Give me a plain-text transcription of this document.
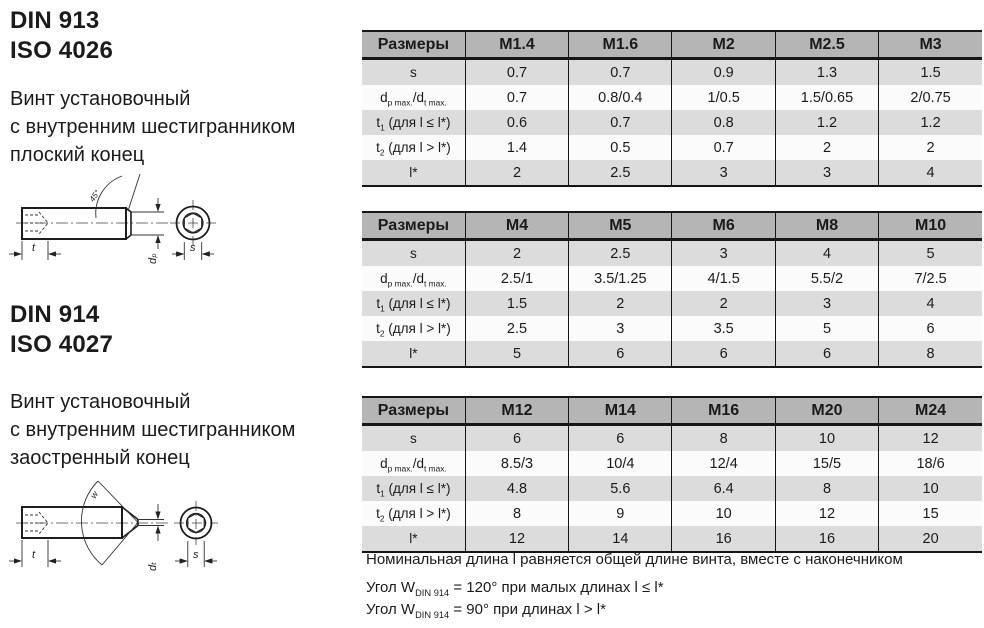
DIN 913
ISO 4026
Винт установочный
с внутренним шестигранником
плоский конец
45°
t
dₚ
s
DIN 914
ISO 4027
Винт установочный
с внутренним шестигранником
заостренный конец
w
t
dₜ
s
Размеры	M1.4	M1.6	M2	M2.5	M3
s	0.7	0.7	0.9	1.3	1.5
$d_{p max.}/d_{t max.}$	0.7	0.8/0.4	1/0.5	1.5/0.65	2/0.75
$t_1$ (для l ≤ l*)	0.6	0.7	0.8	1.2	1.2
$t_2$ (для l > l*)	1.4	0.5	0.7	2	2
l*	2	2.5	3	3	4
Размеры	M4	M5	M6	M8	M10
s	2	2.5	3	4	5
$d_{p max.}/d_{t max.}$	2.5/1	3.5/1.25	4/1.5	5.5/2	7/2.5
$t_1$ (для l ≤ l*)	1.5	2	2	3	4
$t_2$ (для l > l*)	2.5	3	3.5	5	6
l*	5	6	6	6	8
Размеры	M12	M14	M16	M20	M24
s	6	6	8	10	12
$d_{p max.}/d_{t max.}$	8.5/3	10/4	12/4	15/5	18/6
$t_1$ (для l ≤ l*)	4.8	5.6	6.4	8	10
$t_2$ (для l > l*)	8	9	10	12	15
l*	12	14	16	16	20
Номинальная длина l равняется общей длине винта, вместе с наконечником
Угол $W_{DIN 914} = 120^\circ$ при малых длинах l ≤ l*
Угол $W_{DIN 914} = 90^\circ$ при длинах l > l*
